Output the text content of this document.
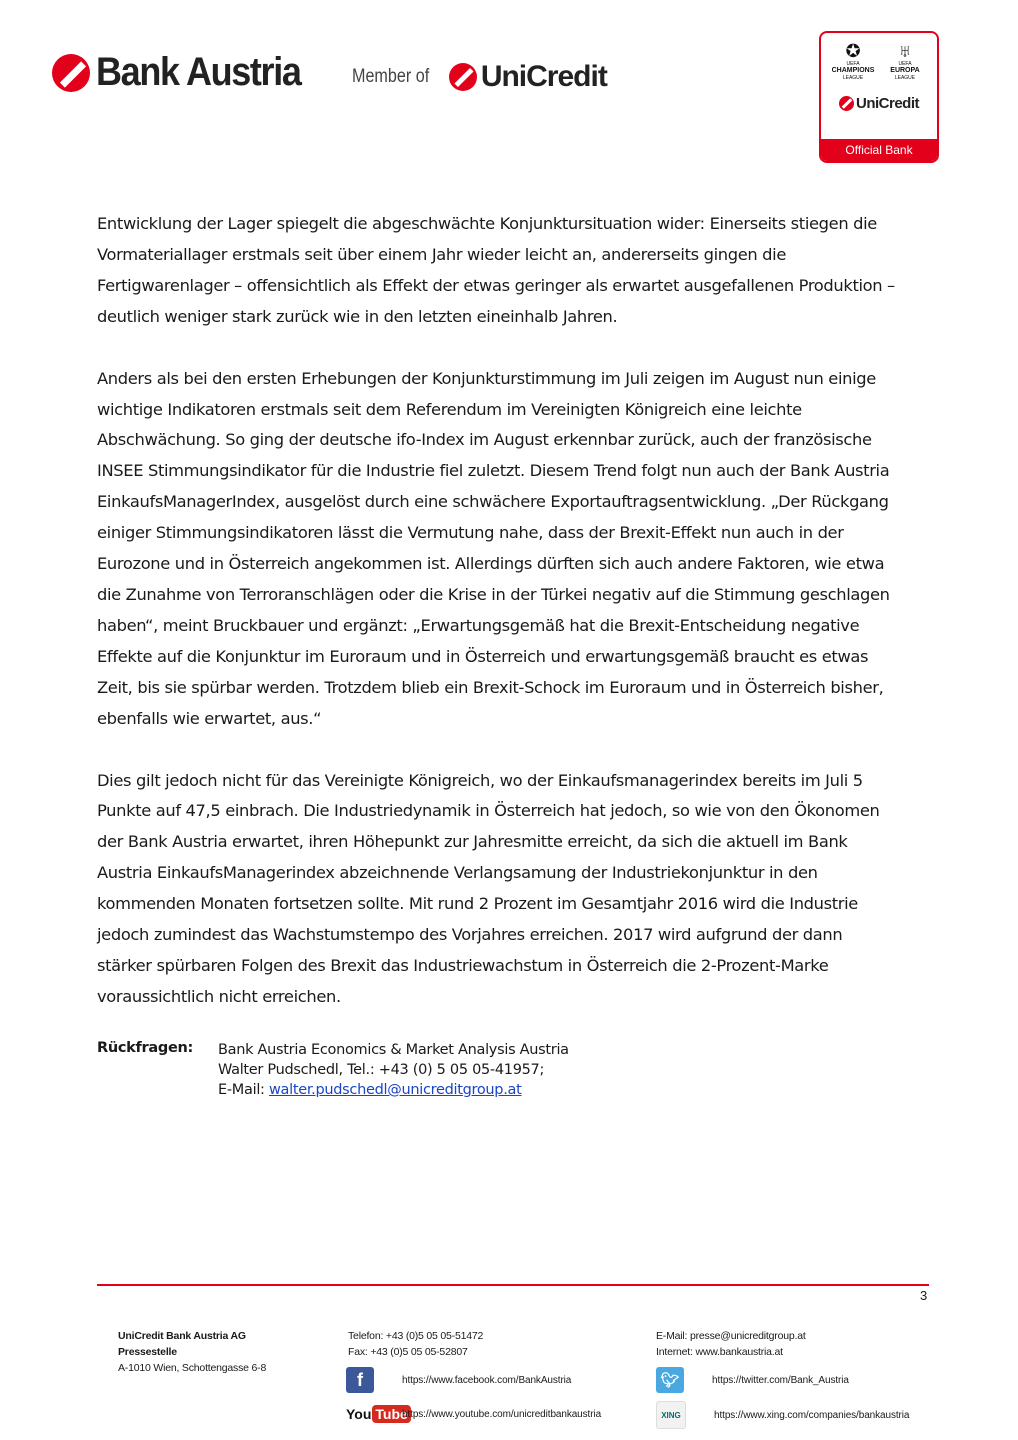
Bank Austria	Member of UniCredit
✪
UEFA
CHAMPIONS
LEAGUE
♅
UEFA
EUROPA
LEAGUE
UniCredit
Official Bank

Entwicklung der Lager spiegelt die abgeschwächte Konjunktursituation wider: Einerseits stiegen die Vormateriallager erstmals seit über einem Jahr wieder leicht an, andererseits gingen die Fertigwarenlager – offensichtlich als Effekt der etwas geringer als erwartet ausgefallenen Produktion – deutlich weniger stark zurück wie in den letzten eineinhalb Jahren.

Anders als bei den ersten Erhebungen der Konjunkturstimmung im Juli zeigen im August nun einige wichtige Indikatoren erstmals seit dem Referendum im Vereinigten Königreich eine leichte Abschwächung. So ging der deutsche ifo-Index im August erkennbar zurück, auch der französische INSEE Stimmungsindikator für die Industrie fiel zuletzt. Diesem Trend folgt nun auch der Bank Austria EinkaufsManagerIndex, ausgelöst durch eine schwächere Exportauftragsentwicklung. „Der Rückgang einiger Stimmungsindikatoren lässt die Vermutung nahe, dass der Brexit-Effekt nun auch in der Eurozone und in Österreich angekommen ist. Allerdings dürften sich auch andere Faktoren, wie etwa die Zunahme von Terroranschlägen oder die Krise in der Türkei negativ auf die Stimmung geschlagen haben“, meint Bruckbauer und ergänzt: „Erwartungsgemäß hat die Brexit-Entscheidung negative Effekte auf die Konjunktur im Euroraum und in Österreich und erwartungsgemäß braucht es etwas Zeit, bis sie spürbar werden. Trotzdem blieb ein Brexit-Schock im Euroraum und in Österreich bisher, ebenfalls wie erwartet, aus.“

Dies gilt jedoch nicht für das Vereinigte Königreich, wo der Einkaufsmanagerindex bereits im Juli 5 Punkte auf 47,5 einbrach. Die Industriedynamik in Österreich hat jedoch, so wie von den Ökonomen der Bank Austria erwartet, ihren Höhepunkt zur Jahresmitte erreicht, da sich die aktuell im Bank Austria EinkaufsManagerindex abzeichnende Verlangsamung der Industriekonjunktur in den kommenden Monaten fortsetzen sollte. Mit rund 2 Prozent im Gesamtjahr 2016 wird die Industrie jedoch zumindest das Wachstumstempo des Vorjahres erreichen. 2017 wird aufgrund der dann stärker spürbaren Folgen des Brexit das Industriewachstum in Österreich die 2-Prozent-Marke voraussichtlich nicht erreichen.

Rückfragen:	Bank Austria Economics & Market Analysis Austria
Walter Pudschedl, Tel.: +43 (0) 5 05 05-41957;
E-Mail: walter.pudschedl@unicreditgroup.at
3
UniCredit Bank Austria AG
Pressestelle
A-1010 Wien, Schottengasse 6-8
Telefon: +43 (0)5 05 05-51472
Fax: +43 (0)5 05 05-52807
E-Mail: presse@unicreditgroup.at
Internet: www.bankaustria.at
f	https://www.facebook.com/BankAustria
You Tube
https://www.youtube.com/unicreditbankaustria
🐦︎	https://twitter.com/Bank_Austria
XING	https://www.xing.com/companies/bankaustria
